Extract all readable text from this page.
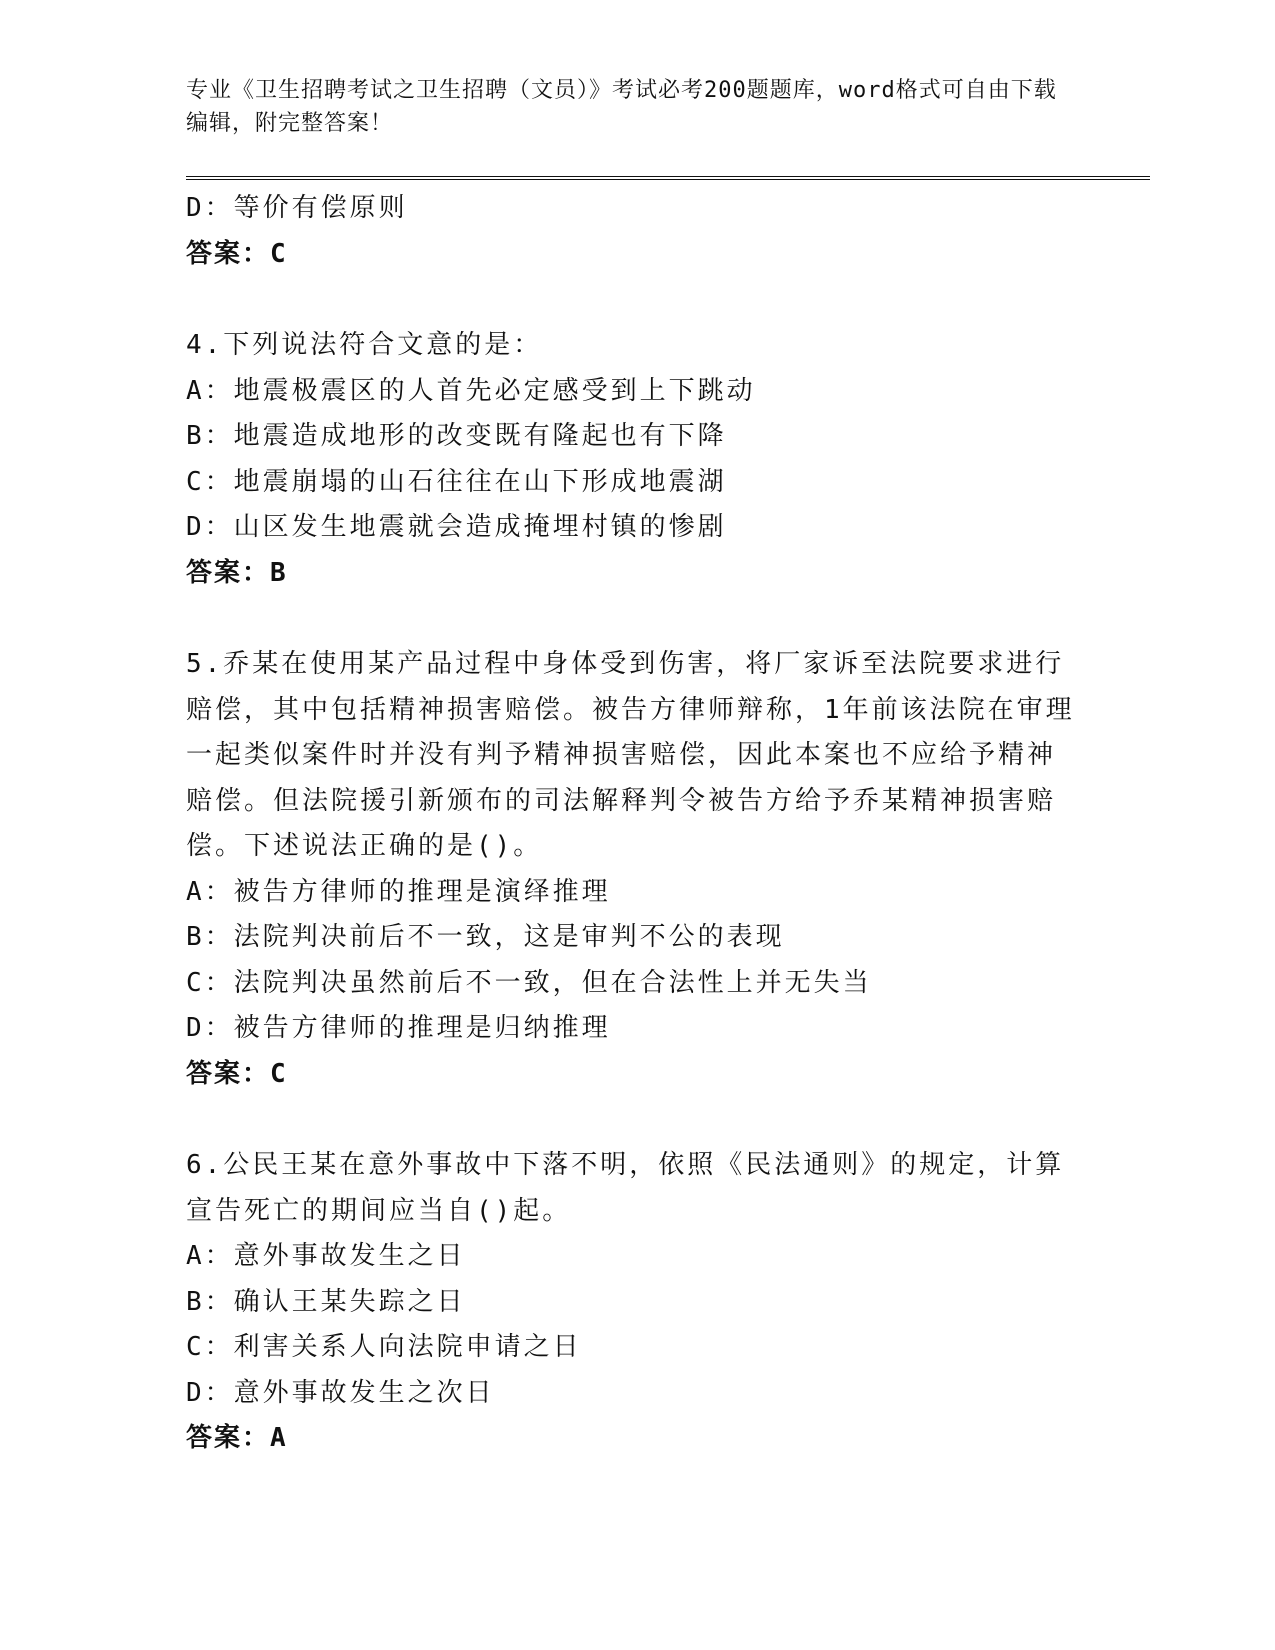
专业《卫生招聘考试之卫生招聘（文员）》考试必考200题题库，word格式可自由下载编辑，附完整答案！
D：等价有偿原则
答案：C
4.下列说法符合文意的是：
A：地震极震区的人首先必定感受到上下跳动
B：地震造成地形的改变既有隆起也有下降
C：地震崩塌的山石往往在山下形成地震湖
D：山区发生地震就会造成掩埋村镇的惨剧
答案：B
5.乔某在使用某产品过程中身体受到伤害，将厂家诉至法院要求进行赔偿，其中包括精神损害赔偿。被告方律师辩称，1年前该法院在审理一起类似案件时并没有判予精神损害赔偿，因此本案也不应给予精神赔偿。但法院援引新颁布的司法解释判令被告方给予乔某精神损害赔偿。下述说法正确的是()。
A：被告方律师的推理是演绎推理
B：法院判决前后不一致，这是审判不公的表现
C：法院判决虽然前后不一致，但在合法性上并无失当
D：被告方律师的推理是归纳推理
答案：C
6.公民王某在意外事故中下落不明，依照《民法通则》的规定，计算宣告死亡的期间应当自()起。
A：意外事故发生之日
B：确认王某失踪之日
C：利害关系人向法院申请之日
D：意外事故发生之次日
答案：A
